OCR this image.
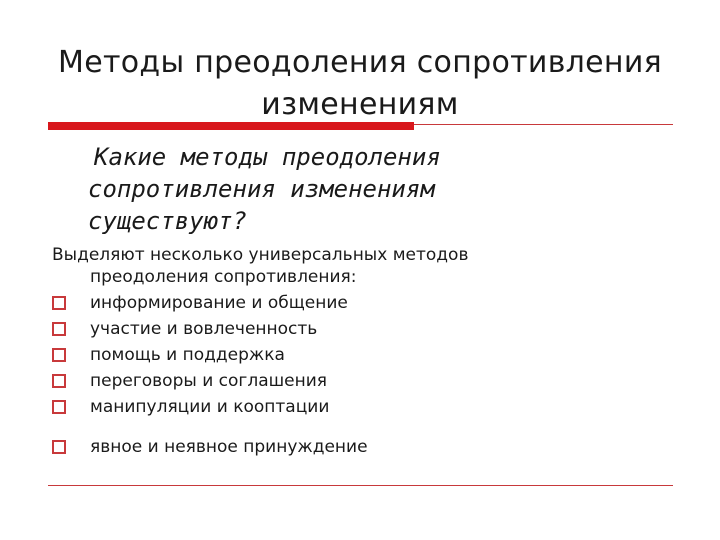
Методы преодоления сопротивления изменениям
Какие методы преодоления
сопротивления изменениям
существуют?
Выделяют несколько универсальных методов
преодоления сопротивления:
информирование и общение
участие и вовлеченность
помощь и поддержка
переговоры и соглашения
манипуляции и кооптации
явное и неявное принуждение
